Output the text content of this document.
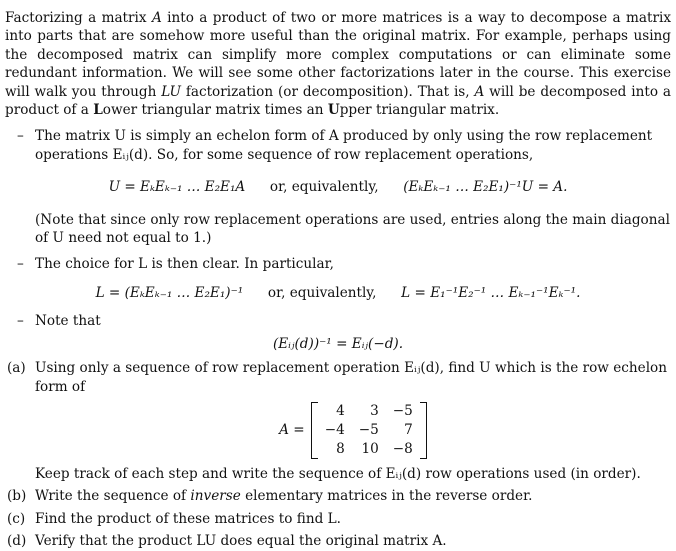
Factorizing a matrix A into a product of two or more matrices is a way to decompose a matrix into parts that are somehow more useful than the original matrix. For example, perhaps using the decomposed matrix can simplify more complex computations or can eliminate some redundant information. We will see some other factorizations later in the course. This exercise will walk you through LU factorization (or decomposition). That is, A will be decomposed into a product of a Lower triangular matrix times an Upper triangular matrix.

– The matrix U is simply an echelon form of A produced by only using the row replacement operations Eᵢⱼ(d). So, for some sequence of row replacement operations,
U = EₖEₖ₋₁ … E₂E₁A or, equivalently, (EₖEₖ₋₁ … E₂E₁)⁻¹U = A.
(Note that since only row replacement operations are used, entries along the main diagonal of U need not equal to 1.)
– The choice for L is then clear. In particular,
L = (EₖEₖ₋₁ … E₂E₁)⁻¹ or, equivalently, L = E₁⁻¹E₂⁻¹ … Eₖ₋₁⁻¹Eₖ⁻¹.
– Note that
(Eᵢⱼ(d))⁻¹ = Eᵢⱼ(−d).
(a) Using only a sequence of row replacement operation Eᵢⱼ(d), find U which is the row echelon form of
A =
4	3	−5
−4	−5	7
8	10	−8
Keep track of each step and write the sequence of Eᵢⱼ(d) row operations used (in order).
(b) Write the sequence of inverse elementary matrices in the reverse order.
(c) Find the product of these matrices to find L.
(d) Verify that the product LU does equal the original matrix A.
